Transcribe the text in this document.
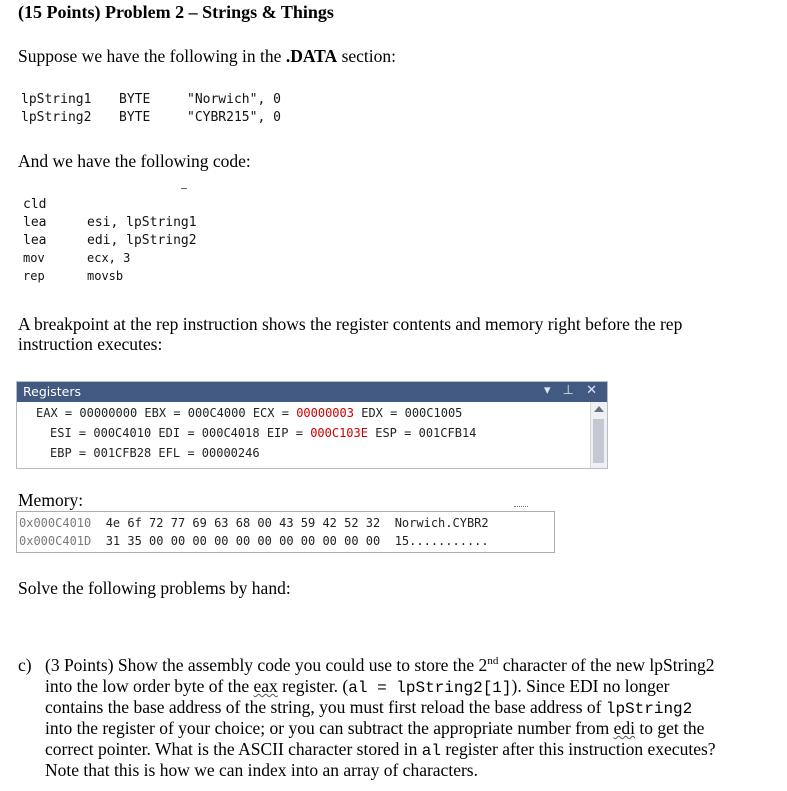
(15 Points) Problem 2 – Strings & Things
Suppose we have the following in the .DATA section:
lpString1 BYTE	"Norwich", 0
lpString2 BYTE	"CYBR215", 0
And we have the following code:
cld
lea	esi, lpString1
lea	edi, lpString2
mov	ecx, 3
rep	movsb
A breakpoint at the rep instruction shows the register contents and memory right before the rep
instruction executes:
Registers	▾ ⊥ ✕
EAX = 00000000 EBX = 000C4000 ECX = 00000003 EDX = 000C1005
ESI = 000C4010 EDI = 000C4018 EIP = 000C103E ESP = 001CFB14
EBP = 001CFB28 EFL = 00000246
Memory:
0x000C4010 4e 6f 72 77 69 63 68 00 43 59 42 52 32 Norwich.CYBR2
0x000C401D 31 35 00 00 00 00 00 00 00 00 00 00 00 15...........
Solve the following problems by hand:
c) (3 Points) Show the assembly code you could use to store the 2nd character of the new lpString2
into the low order byte of the eax register. (al = lpString2[1]). Since EDI no longer
contains the base address of the string, you must first reload the base address of lpString2
into the register of your choice; or you can subtract the appropriate number from edi to get the
correct pointer. What is the ASCII character stored in al register after this instruction executes?
Note that this is how we can index into an array of characters.
